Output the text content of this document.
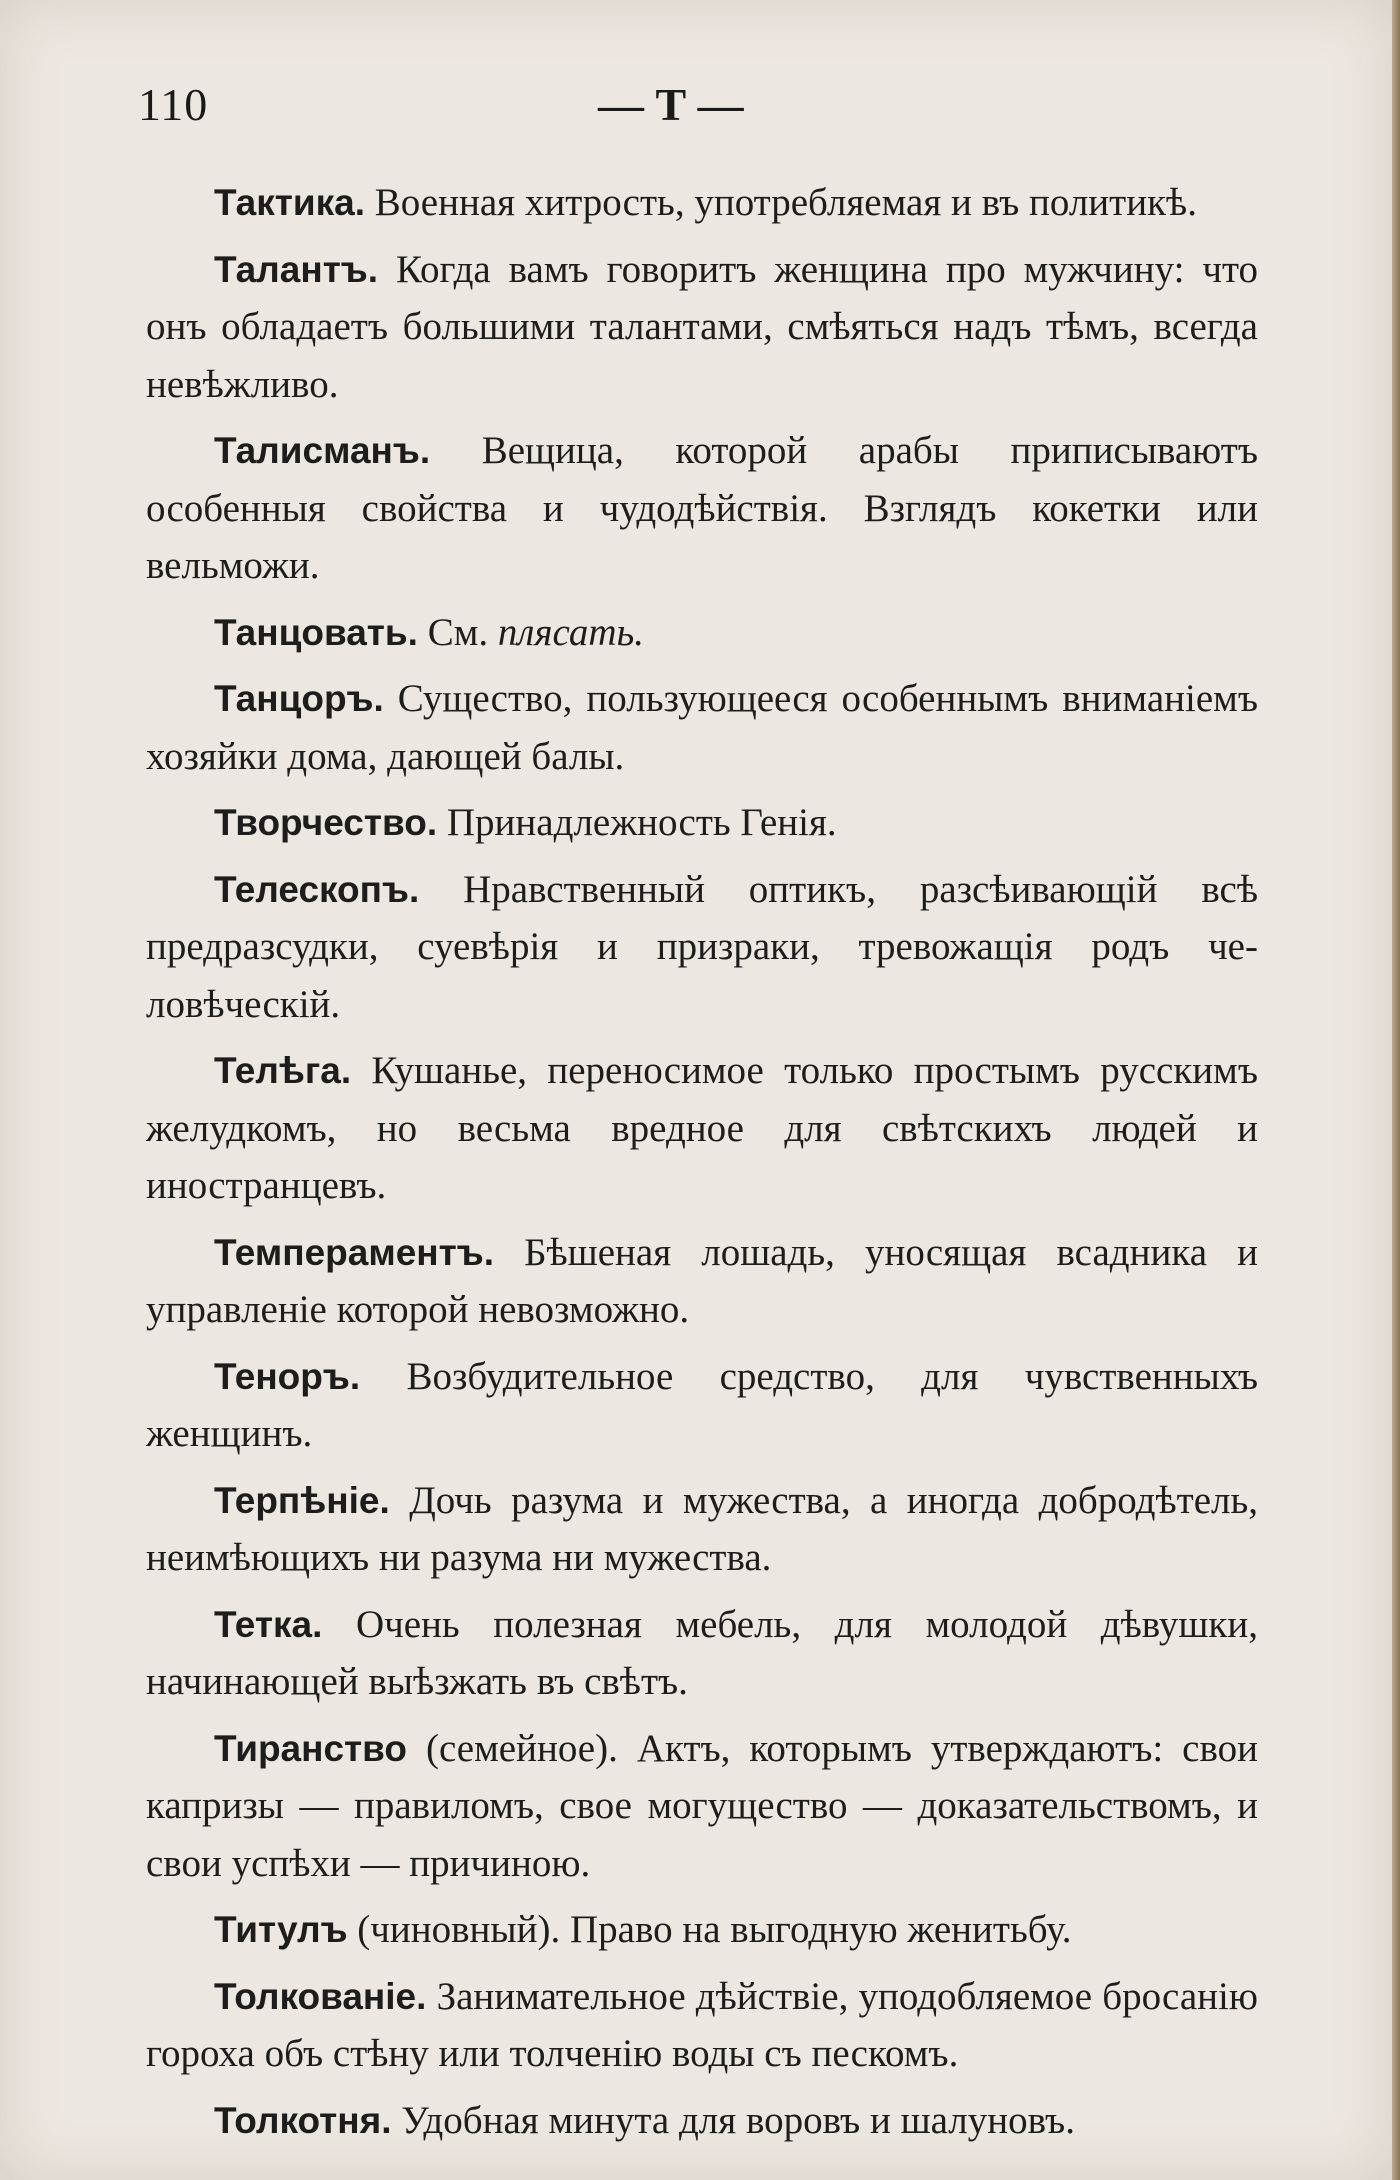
110	— Т —

Тактика. Военная хитрость, употребляемая и въ политикѣ.

Талантъ. Когда вамъ говоритъ женщина про мужчину: что онъ обладаетъ большими талантами, смѣяться надъ тѣмъ, всегда невѣжливо.

Талисманъ. Вещица, которой арабы приписываютъ особенныя свойства и чудодѣйствія. Взглядъ кокетки или вельможи.

Танцовать. См. плясать.

Танцоръ. Существо, пользующееся особеннымъ вниманіемъ хозяйки дома, дающей балы.

Творчество. Принадлежность Генія.

Телескопъ. Нравственный оптикъ, разсѣивающій всѣ предразсудки, суевѣрія и призраки, тревожащія родъ человѣческій.

Телѣга. Кушанье, переносимое только простымъ русскимъ желудкомъ, но весьма вредное для свѣтскихъ людей и иностранцевъ.

Темпераментъ. Бѣшеная лошадь, уносящая всадника и управленіе которой невозможно.

Теноръ. Возбудительное средство, для чувственныхъ женщинъ.

Терпѣніе. Дочь разума и мужества, а иногда добродѣтель, неимѣющихъ ни разума ни мужества.

Тетка. Очень полезная мебель, для молодой дѣвушки, начинающей выѣзжать въ свѣтъ.

Тиранство (семейное). Актъ, которымъ утверждаютъ: свои капризы — правиломъ, свое могущество — доказательствомъ, и свои успѣхи — причиною.

Титулъ (чиновный). Право на выгодную женитьбу.

Толкованіе. Занимательное дѣйствіе, уподобляемое бросанію гороха объ стѣну или толченію воды съ пескомъ.

Толкотня. Удобная минута для воровъ и шалуновъ.
